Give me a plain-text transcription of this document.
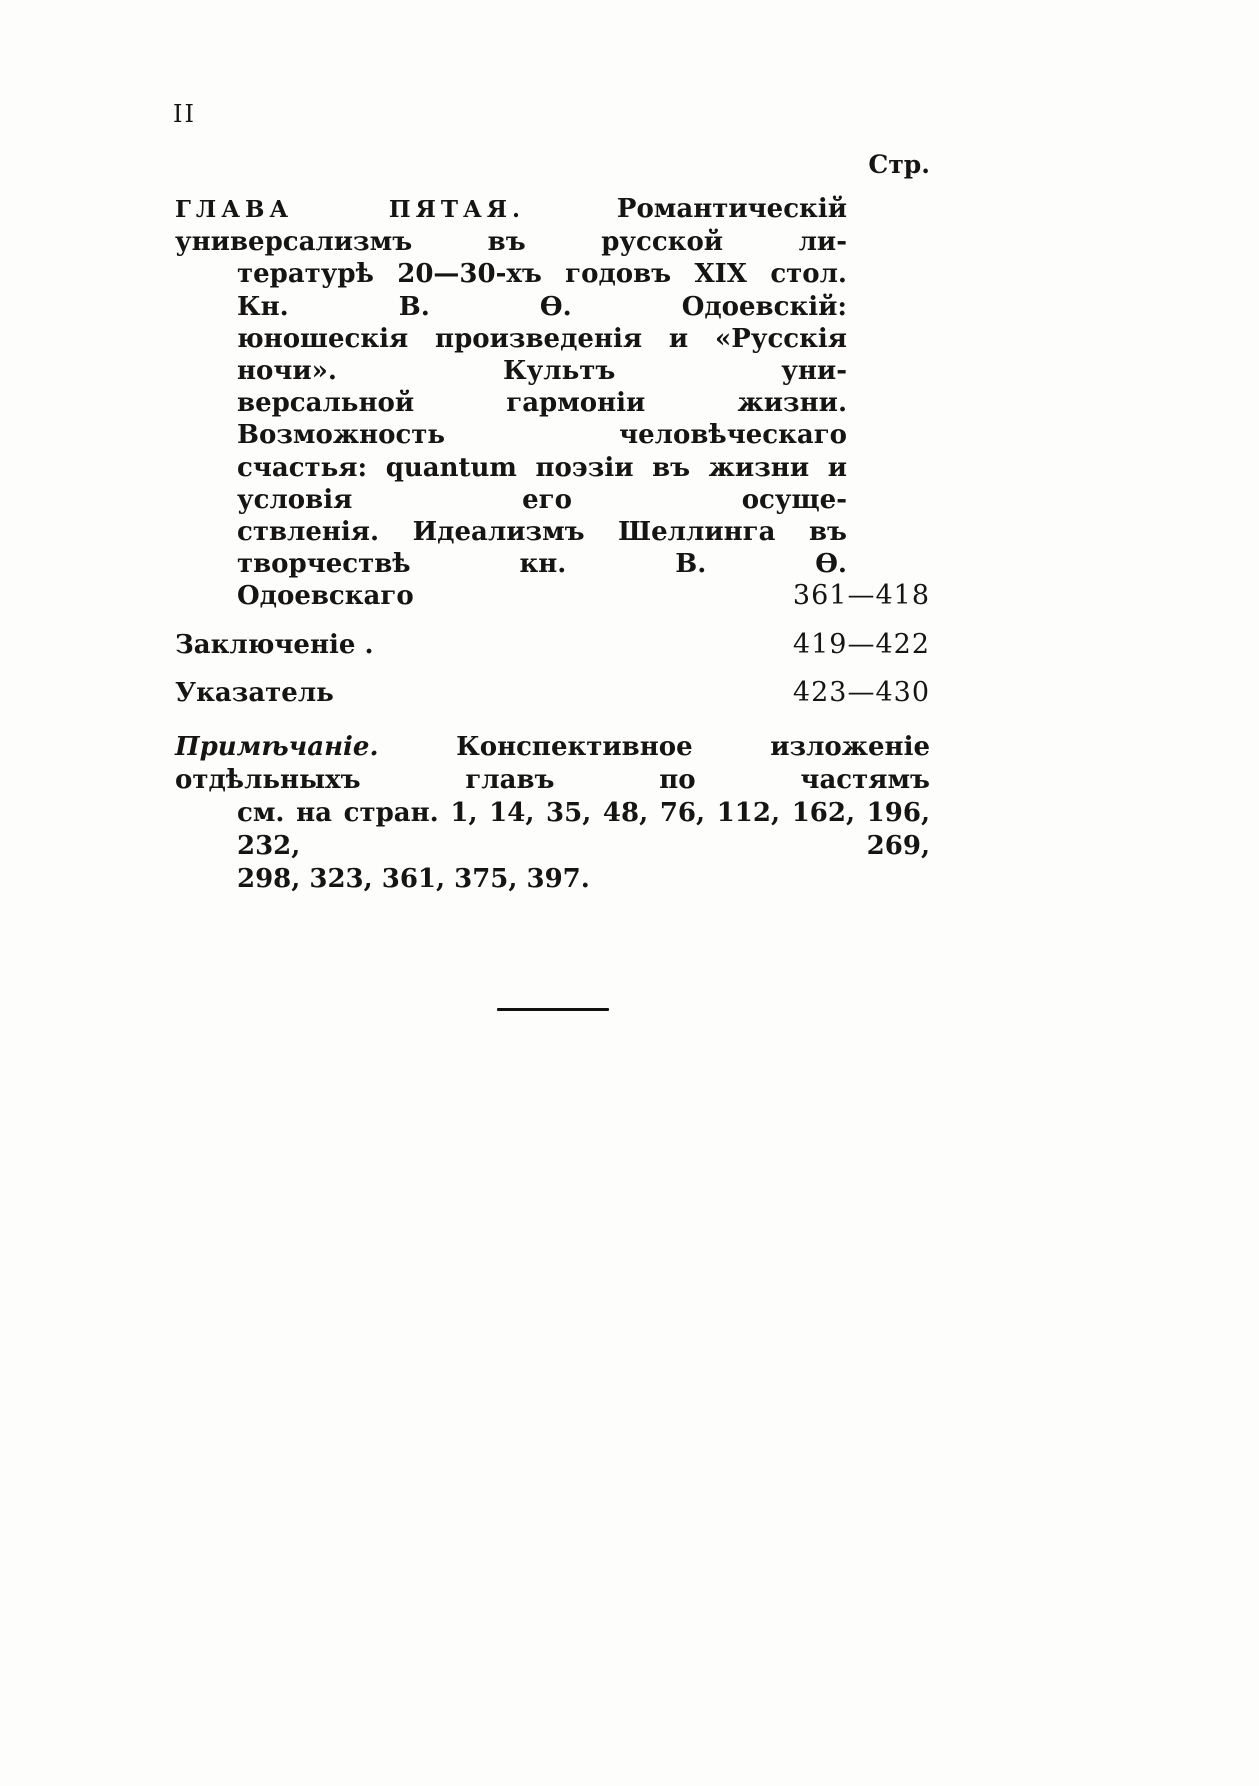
II
Стр.
ГЛАВА ПЯТАЯ.	Романтическій универсализмъ въ русской ли-
тературѣ 20—30-хъ годовъ XIX стол. Кн. В. Ѳ. Одоевскій:
юношескія произведенія и «Русскія ночи». Культъ уни-
версальной гармоніи жизни. Возможность человѣческаго
счастья: quantum поэзіи въ жизни и условія его осуще-
ствленія. Идеализмъ Шеллинга въ творчествѣ кн. В. Ѳ.
Одоевскаго	361—418
Заключеніе .	419—422
Указатель	423—430
Примѣчаніе.	Конспективное изложеніе отдѣльныхъ главъ по частямъ
см. на стран. 1, 14, 35, 48, 76, 112, 162, 196, 232, 269,
298, 323, 361, 375, 397.
